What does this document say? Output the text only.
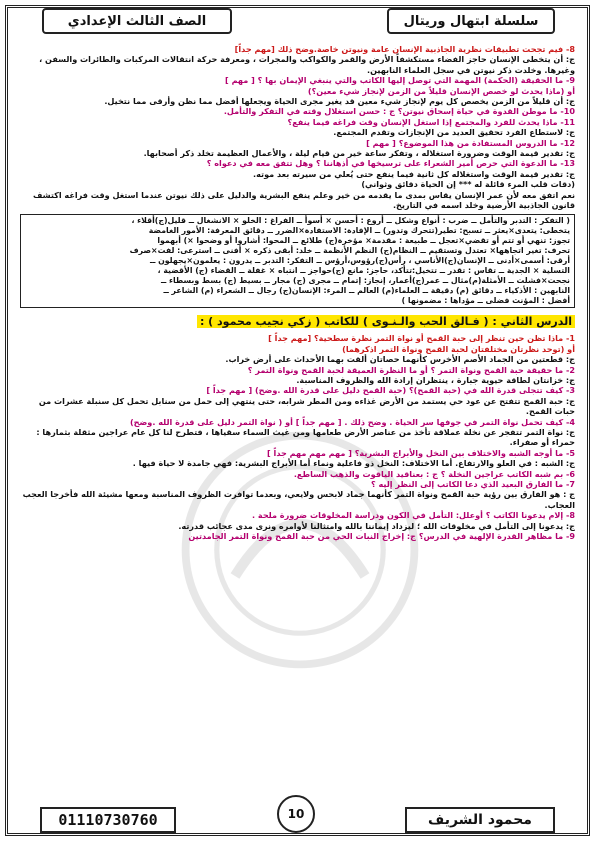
الصف الثالث الإعدادي	سلسلة ابتهال وريتال

8- فيم تجحت تطبيقات نظرية الجاذبية الإنسان عامة ونيوتن خاصة.وضح ذلك [مهم جداً]

ج: أن يتخطى الإنسان حاجز الفضاء مستكشفاً الأرض والقمر والكواكب والمجرات ، ومعرفة حركة انتقالات المركبات والطائرات والسفن ، وغيرها. وخلدت ذكر نيوتن في سجل العلماء النابهين.

9- ما الحقيقة (الحكمة) المهمة التي توصل إليها الكاتب والتي ينبغي الإيمان بها ؟ [ مهم ]

أو (ماذا يحدث لو خصص الإنسان قليلاً من الزمن لإنجاز شيء معين؟)

ج: أن قليلاً من الزمن يخصص كل يوم لإنجاز شيء معين قد يغير مجرى الحياة ويجعلها أفضل مما نظن وأرقى مما نتخيل.

10- ما موطن القدوة في حياة إسحاق نيوتن؟ ج : حسن استغلال وقته في التفكر والتأمل.

11- ماذا يحدث للفرد والمجتمع إذا استغل الإنسان وقت فراغه فيما ينفع؟

ج: لاستطاع الفرد تحقيق العديد من الإنجازات وتقدم المجتمع.

12- ما الدروس المستفادة من هذا الموضوع؟ [ مهم ]

ج: تقدير قيمة الوقت وضرورة استغلاله ، وتفكر ساعة خير من قيام ليلة ، والأعمال العظيمة تخلد ذكر أصحابها.

13- ما الدعوة التي حرص أمير الشعراء على ترسيخها في أذهاننا ؟ وهل تتفق معه في دعواه ؟

ج: تقدير قيمة الوقت واستغلاله كل ثانية فيما ينفع حتى يُعلي من سيرته بعد موته.

(دقات قلب المرء قائلة له *** إن الحياة دقائق وثواني)

نعم اتفق معه لأن عمر الإنسان يقاس بمدى ما يقدمه من خير وعلم ينفع البشرية والدليل على ذلك نيوتن عندما استغل وقت فراغه اكتشف قانون الجاذبية الأرضية وخلد اسمه في التاريخ.

( التفكر : التدبر والتأمل ــ ضرب : أنواع وشكل ــ أروع : أحسن × أسوأ ــ الفراغ : الخلو × الانشغال ــ قليل(ج)أقلاء ،

يتخطى: يتعدى×يعثر ــ تسبح: تطير(تتحرك وتدور) ــ الإفادة: الاستفادة×الضرر ــ دقائق المعرفة: الأمور الغامضة

تجوز: تنهي أو تتم أو تقضي×تعجل ــ طبيعة : مقدمة× مؤخرة(ج) طلائع ــ المحوا: أشاروا أو وضحوا ×) أبهموا

تحرف: تغير اتجاهها× تعتدل وتستقيم ــ النظام(ج) النظم الأنظمة ــ خلد: أبقى ذكره × أفنى ــ استرعى: لفت×صرف

أرقى: أسمى×أدنى ــ الإنسان(ج)الأناسي ، رأس(ج)رؤوس،أرؤس ــ التفكر: التدبر ــ يدرون : يعلمون×يجهلون ــ

التسلية × الجدية ــ تقاس : تقدر ــ تتخيل:تتأكد، حاجز: مانع (ج)حواجز ــ انتباه × غفلة ــ القضاء (ج) الأقضية ،

نجحت×فشلت ــ الأمثلة(م)مثال ــ عمر(ج)أعمار، إنجاز: إتمام ــ مجرى (ج) مجار ــ بسيط (ج) بسط وبسطاء ــ

النابهين : الأذكياء ــ دقائق (م) دقيقة ــ العلماء(م) العالم ــ المرء: الإنسان(ج) رجال ــ الشعراء (م) الشاعر ــ

أفضل : المؤنث فضلى ــ مؤداها : مضمونها )

الدرس الثاني : ( فـالق الحب والـنـوى ) للكاتب ( زكي نجيب محمود ) :

1- ماذا تظن حين تنظر إلى حبة القمح أو نواة التمر نظرة سطحية؟ [مهم جداً ]

أو (توحد نظرتان مختلفتان لحبة القمح ونواة التمر اذكرهما)

ج: قطعتين من الجماد الأصم الأخرس كأنهما حصاتان ألقت بهما الأحداث على أرض خراب.

2- ما حقيقة حبة القمح ونواة التمر ؟ أو ما النظرة العميقة لحبة القمح ونواة التمر ؟

ج: خزانتان لطاقة حيوية جبارة ، ينتظران إرادة الله والظروف المناسبة.

3- كيف تتجلى قدرة الله في (حبة القمح)؟ (حبة القمح دليل على قدرة الله .وضح) [ مهم جداً ]

ج: حبة القمح تتفتح عن عود حي يستمد من الأرض غذاءه ومن المطر شرابه، حتى ينتهي إلى حمل من سنابل تحمل كل سنبلة عشرات من حبات القمح.

4- كيف تحمل نواة التمر في جوفها سر الحياة . وضح ذلك . [ مهم جداً ] أو ( نواة التمر دليل على قدرة الله .وضح)

ج: نواة التمر تتفجر عن نخلة عملاقة تأخذ من عناصر الأرض طعامها ومن غيث السماء سقياها ، فتطرح لنا كل عام عراجين مثقلة بثمارها : حمراء أو صفراء.

5- ما أوجه الشبه والاختلاف بين النخل والأبراج البشرية؟ [ مهم مهم مهم جداً ]

ج: الشبه : في العلو والارتفاع. أما الاختلاف: النخل ذو فاعلية ونماء أما الأبراج البشرية: فهي جامدة لا حياة فيها .

6- بم شبه الكاتب عراجين النخلة ؟ ج : بعناقيد الياقوت والذهب الساطع.

7- ما الفارق البعيد الذي دعا الكاتب إلى النظر إليه ؟

ج : هو الفارق بين رؤية حبة القمح ونواة التمر كأنهما جماد لابحس ولايعي، وبعدما توافرت الظروف المناسبة ومعها مشيئة الله فأخرجا العجب العجاب.

8- إلام يدعونا الكاتب ؟ أوعلل: التأمل في الكون ودراسة المخلوقات ضرورة ملحة .

ج: يدعونا إلى التأمل في مخلوقات الله ؛ ليزداد إيماننا بالله وامتثالنا لأوامره ونرى مدى عجائب قدرته.

9- ما مظاهر القدرة الإلهية في الدرس؟ ج: إخراج النبات الحي من حبة القمح ونواة التمر الجامدتين

01110730760	10	محمود الشريف
